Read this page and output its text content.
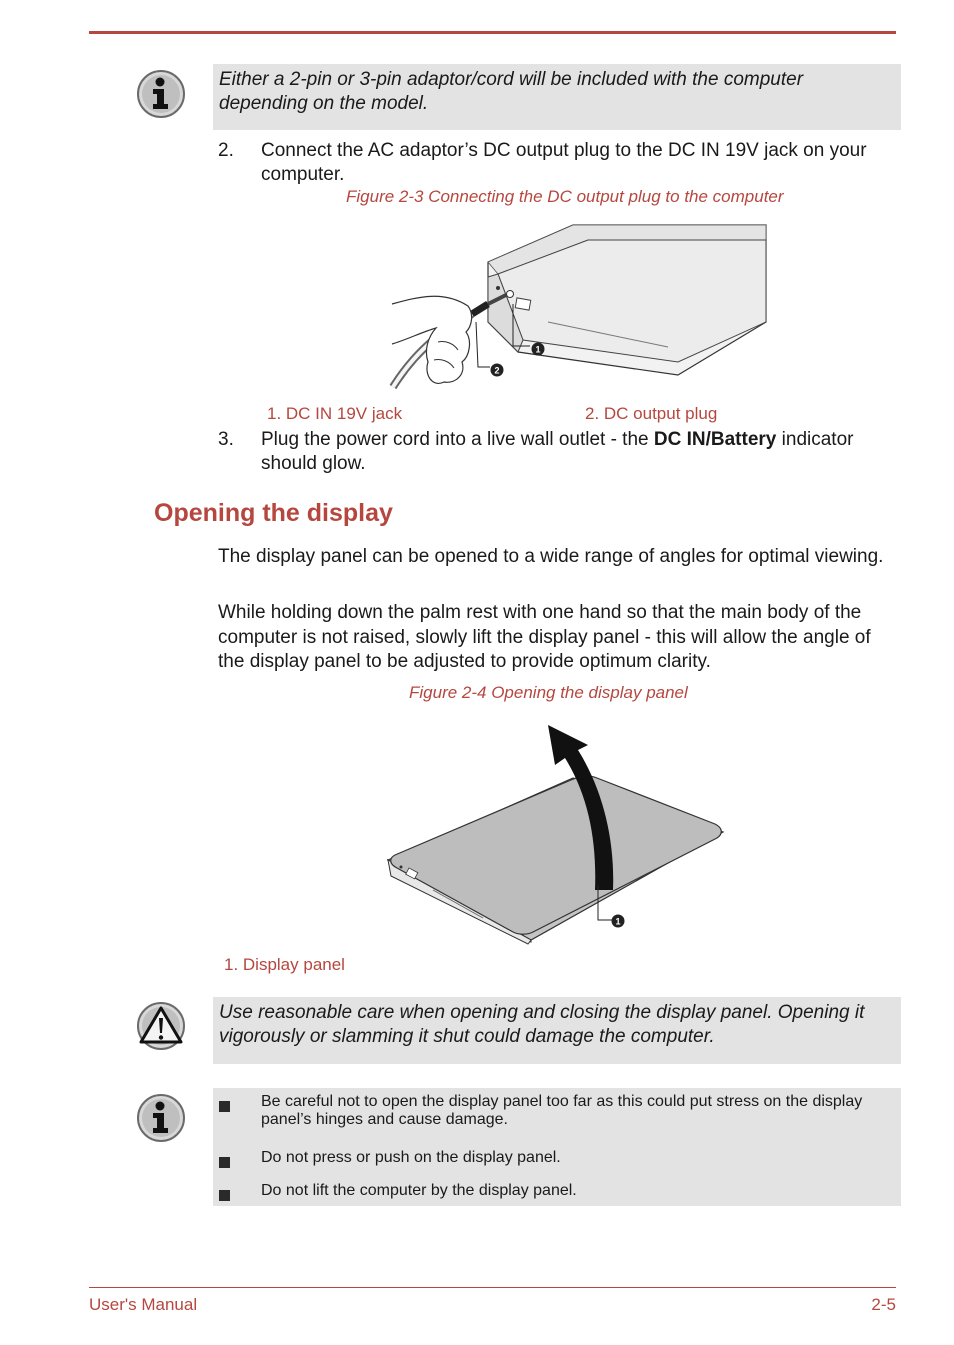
Either a 2-pin or 3-pin adaptor/cord will be included with the computer depending on the model.

2.	Connect the AC adaptor’s DC output plug to the DC IN 19V jack on your computer.
Figure 2-3 Connecting the DC output plug to the computer
1
2
1. DC IN 19V jack	2. DC output plug
3.	Plug the power cord into a live wall outlet - the DC IN/Battery indicator should glow.
Opening the display
The display panel can be opened to a wide range of angles for optimal viewing.
While holding down the palm rest with one hand so that the main body of the computer is not raised, slowly lift the display panel - this will allow the angle of the display panel to be adjusted to provide optimum clarity.
Figure 2-4 Opening the display panel
1
1. Display panel

Use reasonable care when opening and closing the display panel. Opening it vigorously or slamming it shut could damage the computer.

Be careful not to open the display panel too far as this could put stress on the display panel’s hinges and cause damage.
Do not press or push on the display panel.
Do not lift the computer by the display panel.
User's Manual	2-5
